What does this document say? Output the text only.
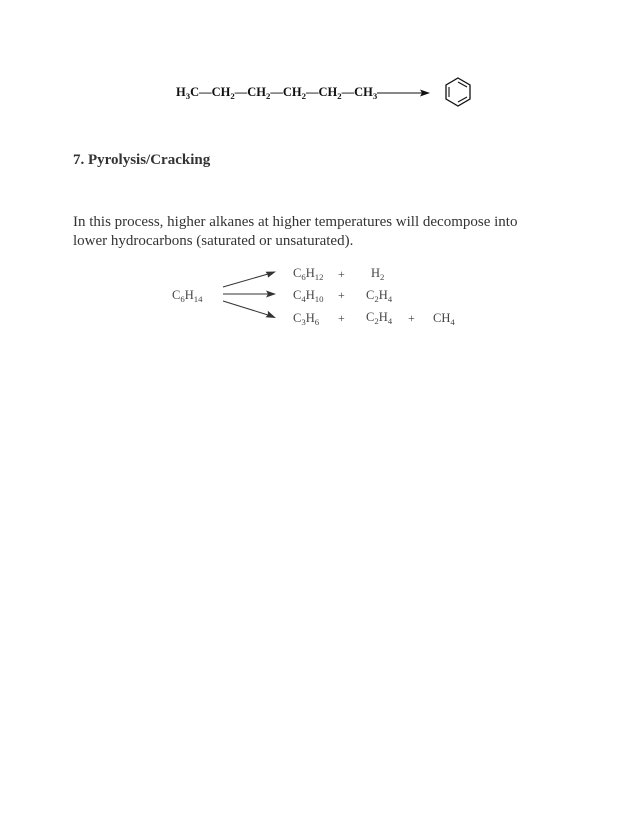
$H_3C—CH_2—CH_2—CH_2—CH_2—CH_3$
7. Pyrolysis/Cracking
In this process, higher alkanes at higher temperatures will decompose into lower hydrocarbons (saturated or unsaturated).
$C_6H_{14}$
$C_6H_{12} + H_2$
$C_4H_{10} + C_2H_4$
$C_3H_6 + C_2H_4 + CH_4$
